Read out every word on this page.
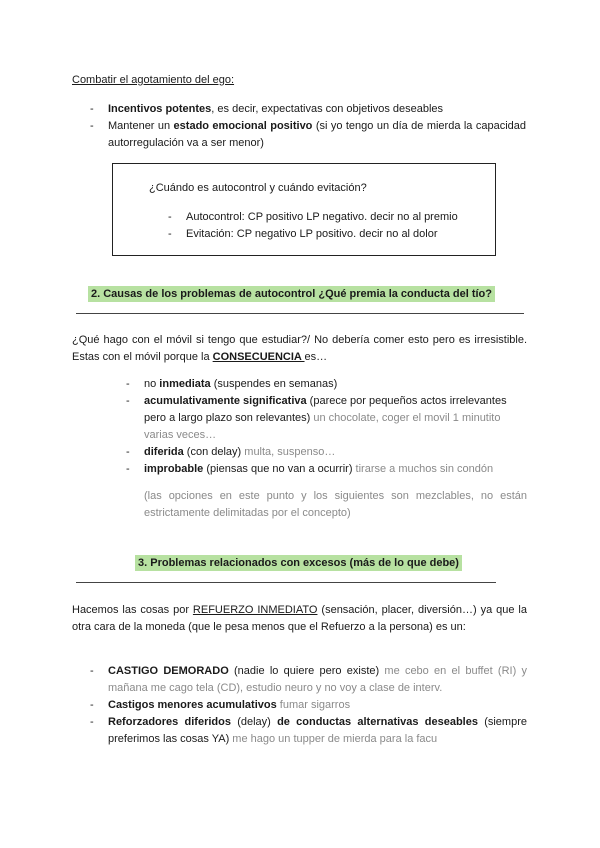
Combatir el agotamiento del ego:
- Incentivos potentes, es decir, expectativas con objetivos deseables
- Mantener un estado emocional positivo (si yo tengo un día de mierda la capacidad autorregulación va a ser menor)
¿Cuándo es autocontrol y cuándo evitación?
- Autocontrol: CP positivo LP negativo. decir no al premio
- Evitación: CP negativo LP positivo. decir no al dolor
2. Causas de los problemas de autocontrol ¿Qué premia la conducta del tío?
¿Qué hago con el móvil si tengo que estudiar?/ No debería comer esto pero es irresistible. Estas con el móvil porque la CONSECUENCIA es…
- no inmediata (suspendes en semanas)
- acumulativamente significativa (parece por pequeños actos irrelevantes pero a largo plazo son relevantes) un chocolate, coger el movil 1 minutito varias veces…
- diferida (con delay) multa, suspenso…
- improbable (piensas que no van a ocurrir) tirarse a muchos sin condón
(las opciones en este punto y los siguientes son mezclables, no están estrictamente delimitadas por el concepto)
3. Problemas relacionados con excesos (más de lo que debe)
Hacemos las cosas por REFUERZO INMEDIATO (sensación, placer, diversión…) ya que la otra cara de la moneda (que le pesa menos que el Refuerzo a la persona) es un:
- CASTIGO DEMORADO (nadie lo quiere pero existe) me cebo en el buffet (RI) y mañana me cago tela (CD), estudio neuro y no voy a clase de interv.
- Castigos menores acumulativos fumar sigarros
- Reforzadores diferidos (delay) de conductas alternativas deseables (siempre preferimos las cosas YA) me hago un tupper de mierda para la facu
